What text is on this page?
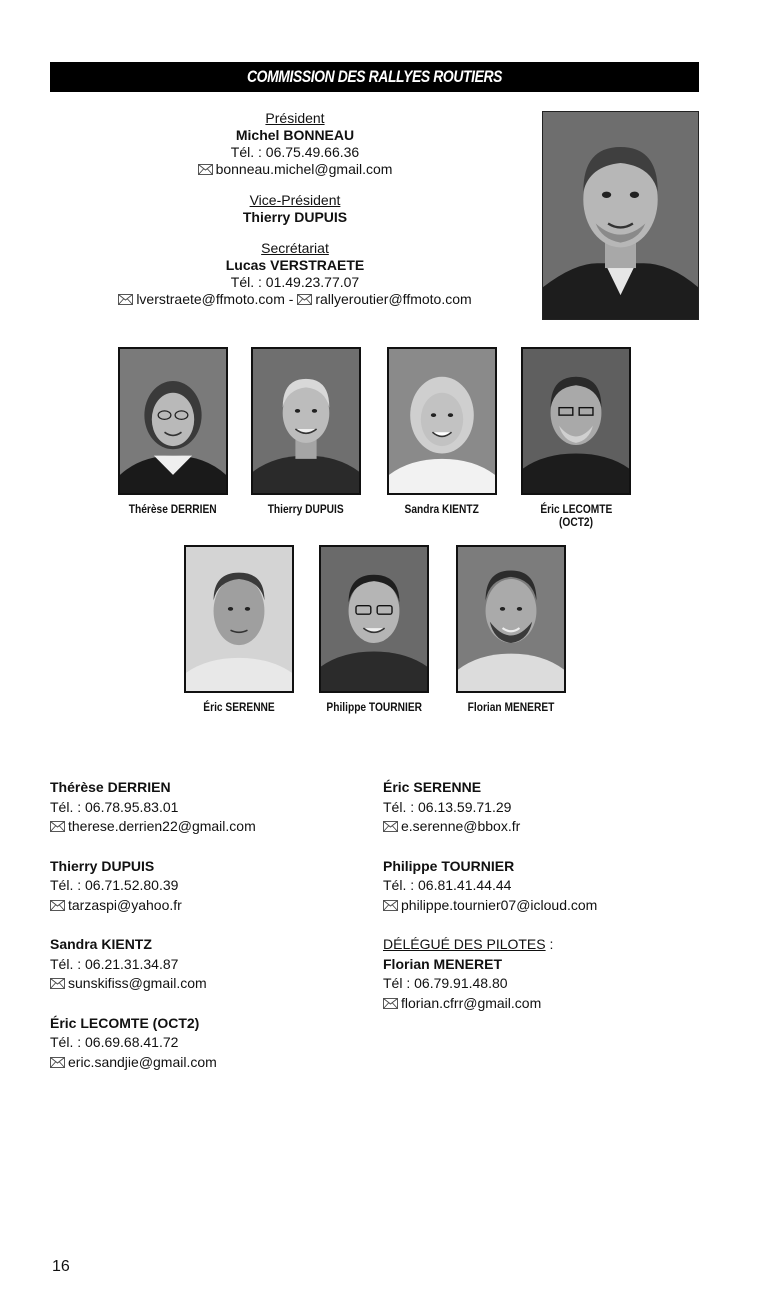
COMMISSION DES RALLYES ROUTIERS
Président
Michel BONNEAU
Tél. : 06.75.49.66.36
bonneau.michel@gmail.com
Vice-Président
Thierry DUPUIS
Secrétariat
Lucas VERSTRAETE
Tél. : 01.49.23.77.07
lverstraete@ffmoto.com - rallyeroutier@ffmoto.com
Thérèse DERRIEN	Thierry DUPUIS	Sandra KIENTZ	Éric LECOMTE
(OCT2)
Éric SERENNE	Philippe TOURNIER	Florian MENERET
Thérèse DERRIEN
Tél. : 06.78.95.83.01
therese.derrien22@gmail.com
Thierry DUPUIS
Tél. : 06.71.52.80.39
tarzaspi@yahoo.fr
Sandra KIENTZ
Tél. : 06.21.31.34.87
sunskifiss@gmail.com
Éric LECOMTE (OCT2)
Tél. : 06.69.68.41.72
eric.sandjie@gmail.com
Éric SERENNE
Tél. : 06.13.59.71.29
e.serenne@bbox.fr
Philippe TOURNIER
Tél. : 06.81.41.44.44
philippe.tournier07@icloud.com
DÉLÉGUÉ DES PILOTES :
Florian MENERET
Tél : 06.79.91.48.80
florian.cfrr@gmail.com
16
